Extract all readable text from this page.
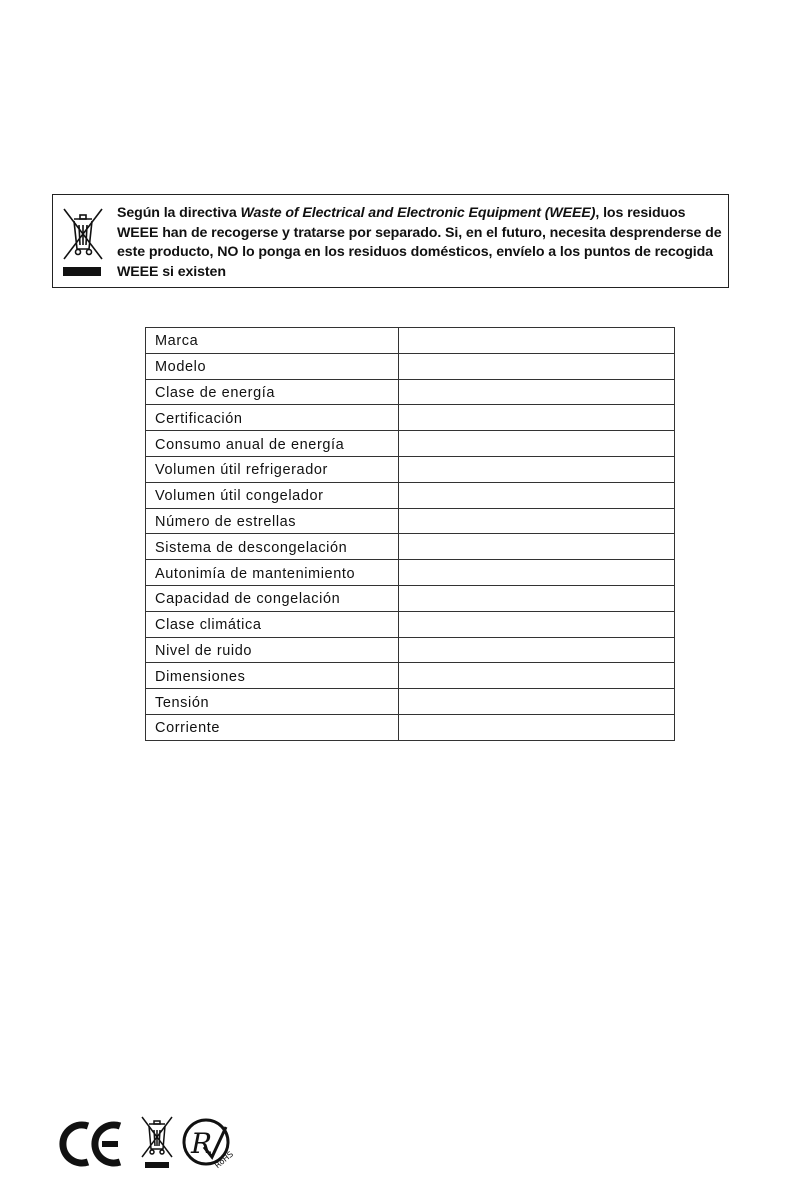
Según la directiva Waste of Electrical and Electronic Equipment (WEEE), los residuos WEEE han de recogerse y tratarse por separado. Si, en el futuro, necesita desprenderse de este producto, NO lo ponga en los residuos domésticos, envíelo a los puntos de recogida WEEE si existen
Marca	
Modelo	
Clase de energía	
Certificación	
Consumo anual de energía	
Volumen útil refrigerador	
Volumen útil congelador	
Número de estrellas	
Sistema de descongelación	
Autonimía de mantenimiento	
Capacidad de congelación	
Clase climática	
Nivel de ruido	
Dimensiones	
Tensión	
Corriente	
R RoHS
